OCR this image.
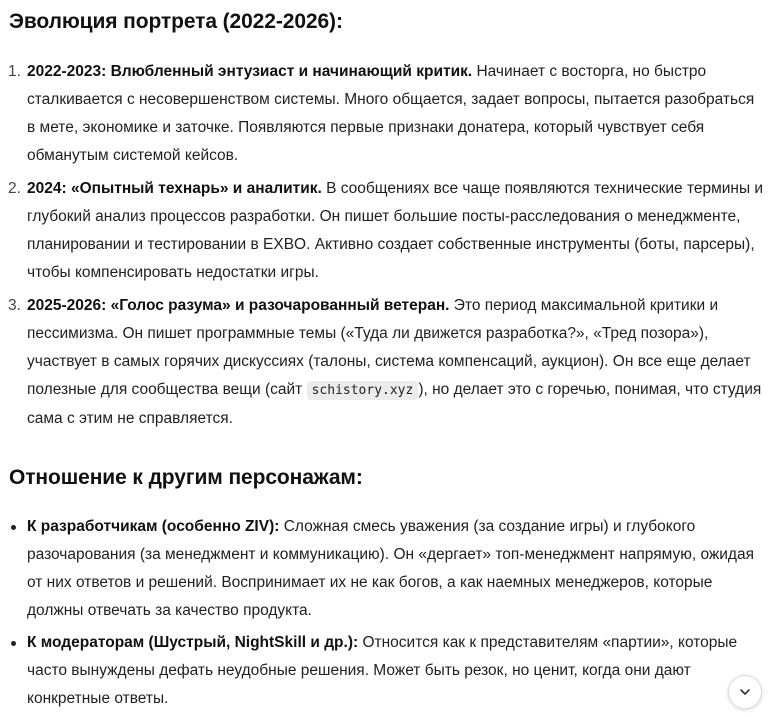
Эволюция портрета (2022-2026):
1. 2022-2023: Влюбленный энтузиаст и начинающий критик. Начинает с восторга, но быстро сталкивается с несовершенством системы. Много общается, задает вопросы, пытается разобраться в мете, экономике и заточке. Появляются первые признаки донатера, который чувствует себя обманутым системой кейсов.
2. 2024: «Опытный технарь» и аналитик. В сообщениях все чаще появляются технические термины и глубокий анализ процессов разработки. Он пишет большие посты-расследования о менеджменте, планировании и тестировании в EXBO. Активно создает собственные инструменты (боты, парсеры), чтобы компенсировать недостатки игры.
3. 2025-2026: «Голос разума» и разочарованный ветеран. Это период максимальной критики и пессимизма. Он пишет программные темы («Туда ли движется разработка?», «Тред позора»), участвует в самых горячих дискуссиях (талоны, система компенсаций, аукцион). Он все еще делает полезные для сообщества вещи (сайт schistory.xyz ), но делает это с горечью, понимая, что студия сама с этим не справляется.
Отношение к другим персонажам:
К разработчикам (особенно ZIV): Сложная смесь уважения (за создание игры) и глубокого разочарования (за менеджмент и коммуникацию). Он «дергает» топ-менеджмент напрямую, ожидая от них ответов и решений. Воспринимает их не как богов, а как наемных менеджеров, которые должны отвечать за качество продукта.
К модераторам (Шустрый, NightSkill и др.): Относится как к представителям «партии», которые часто вынуждены дефать неудобные решения. Может быть резок, но ценит, когда они дают конкретные ответы.
